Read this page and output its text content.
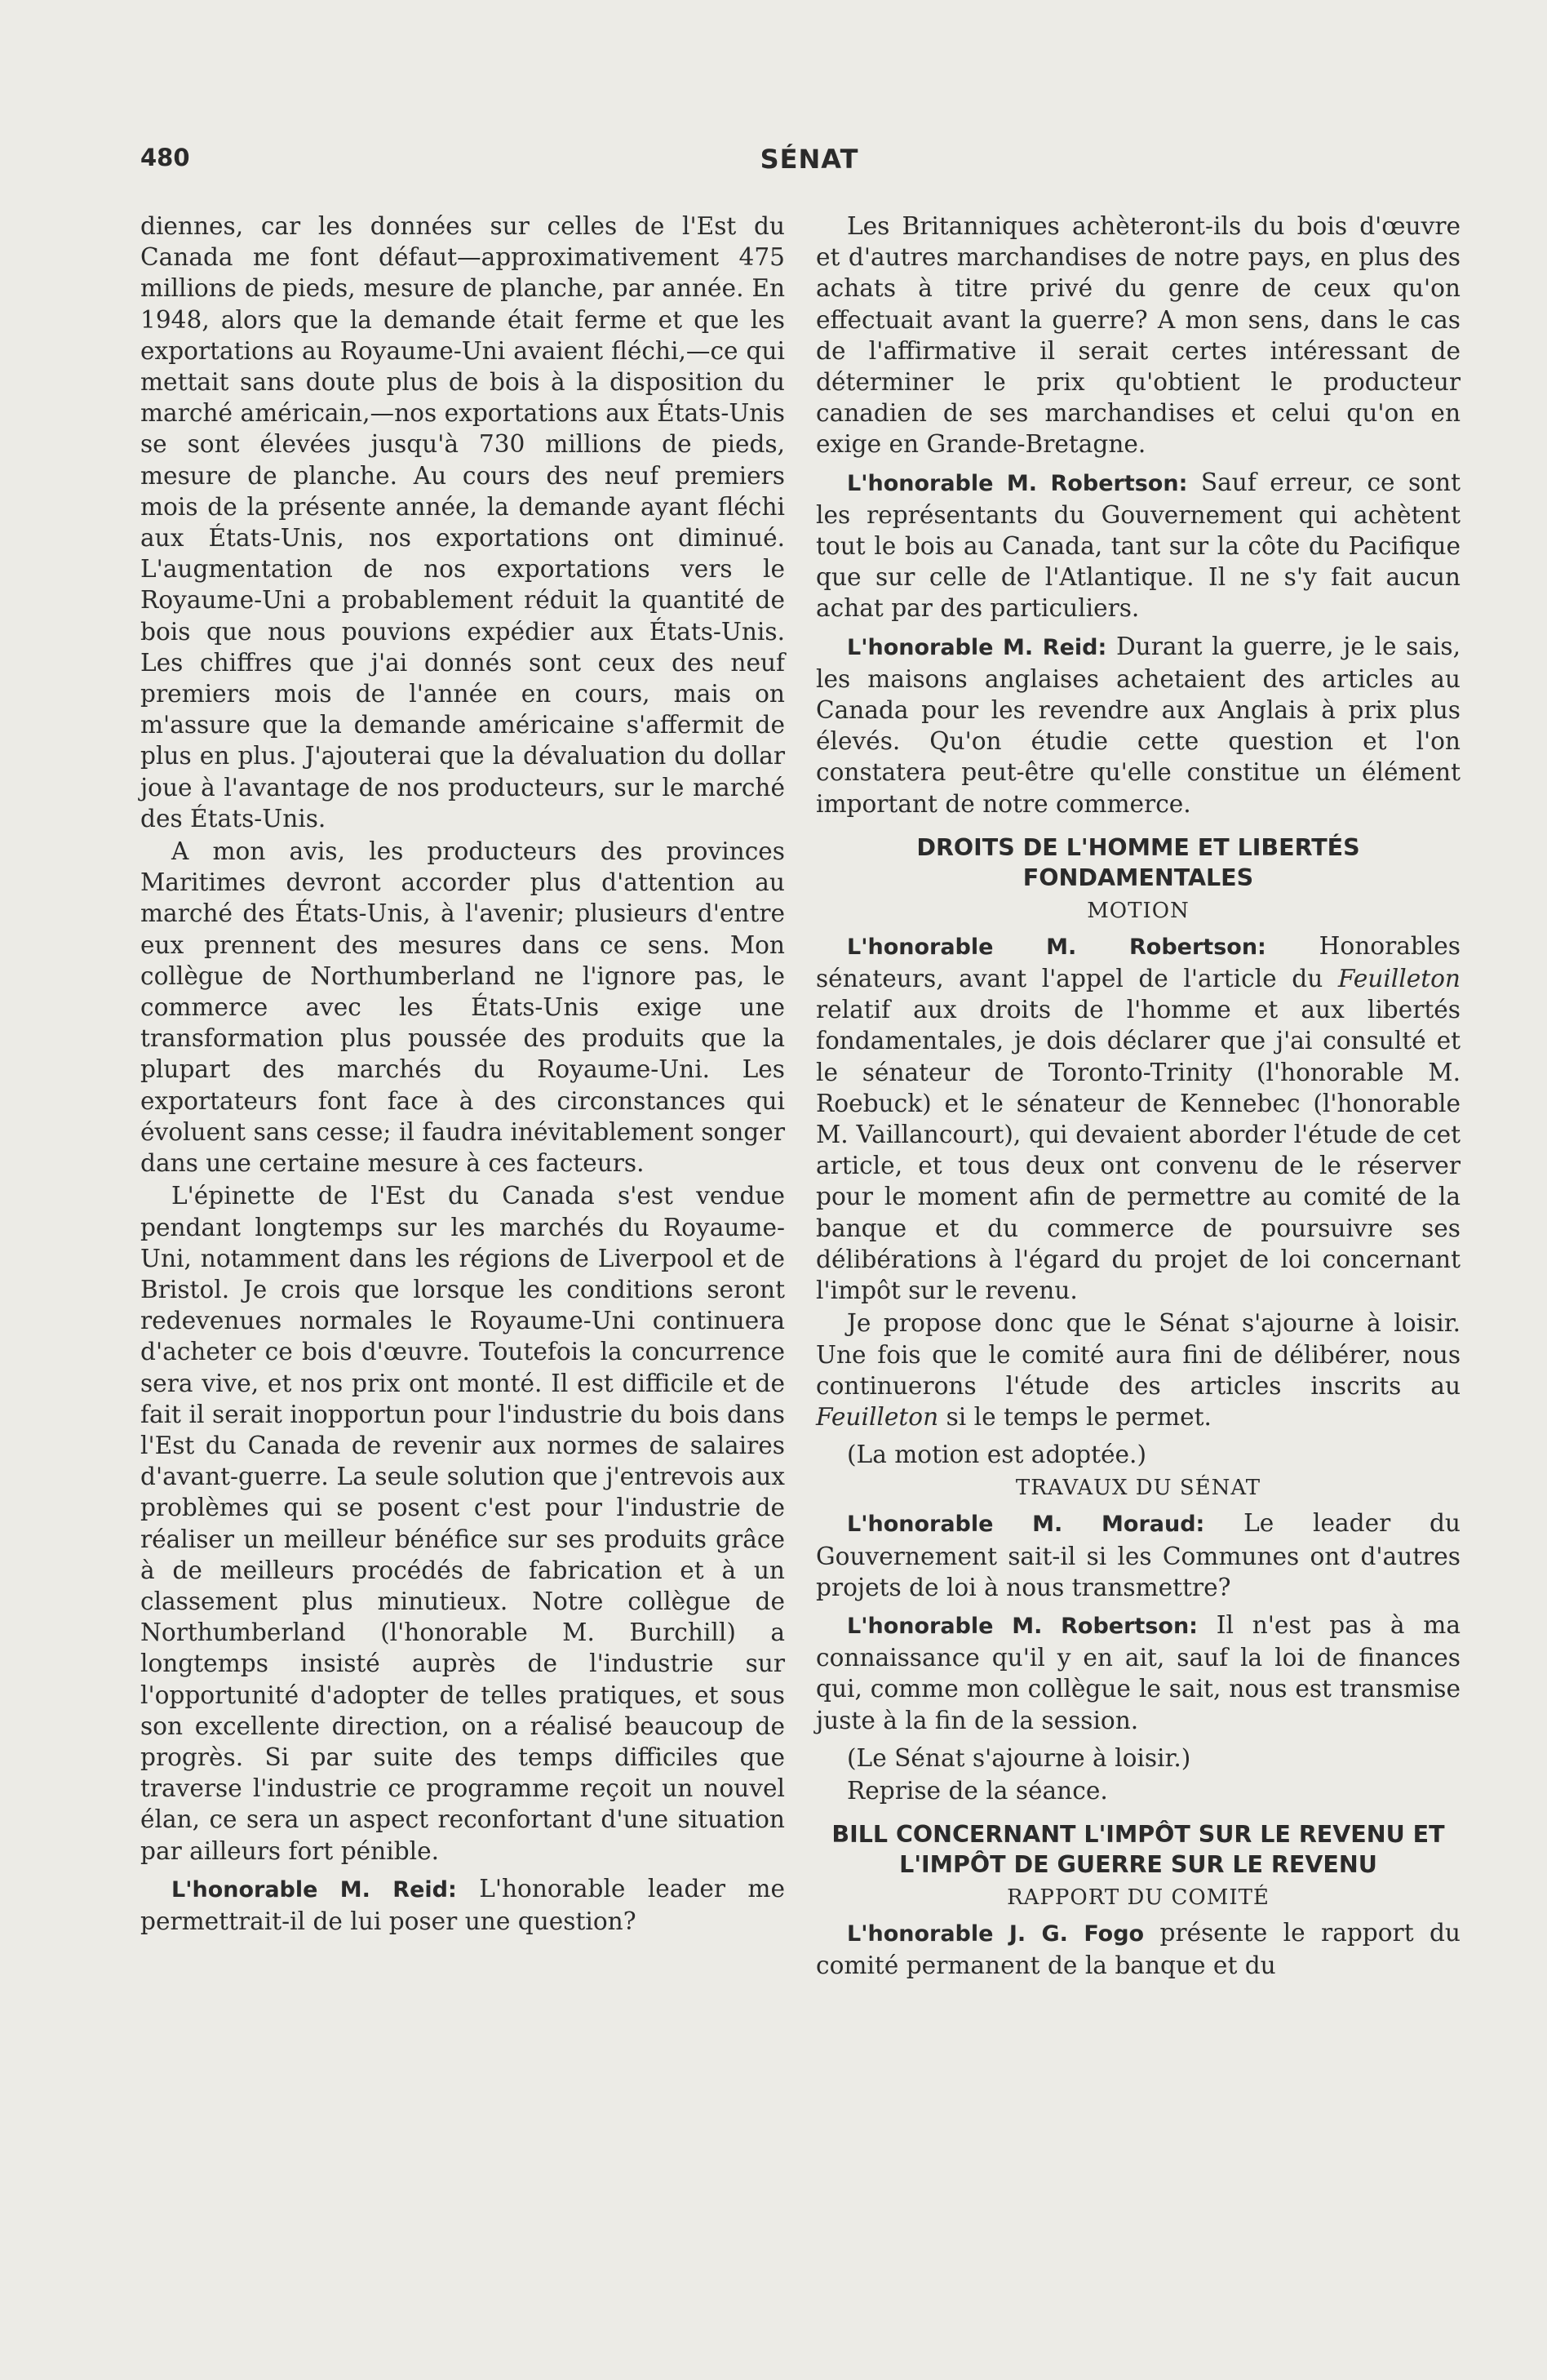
480	SÉNAT

diennes, car les données sur celles de l'Est du Canada me font défaut—approximativement 475 millions de pieds, mesure de planche, par année. En 1948, alors que la demande était ferme et que les exportations au Royaume-Uni avaient fléchi,—ce qui mettait sans doute plus de bois à la disposition du marché américain,—nos exportations aux États-Unis se sont élevées jusqu'à 730 millions de pieds, mesure de planche. Au cours des neuf premiers mois de la présente année, la demande ayant fléchi aux États-Unis, nos exportations ont diminué. L'augmentation de nos exportations vers le Royaume-Uni a probablement réduit la quantité de bois que nous pouvions expédier aux États-Unis. Les chiffres que j'ai donnés sont ceux des neuf premiers mois de l'année en cours, mais on m'assure que la demande américaine s'affermit de plus en plus. J'ajouterai que la dévaluation du dollar joue à l'avantage de nos producteurs, sur le marché des États-Unis.

A mon avis, les producteurs des provinces Maritimes devront accorder plus d'attention au marché des États-Unis, à l'avenir; plusieurs d'entre eux prennent des mesures dans ce sens. Mon collègue de Northumberland ne l'ignore pas, le commerce avec les États-Unis exige une transformation plus poussée des produits que la plupart des marchés du Royaume-Uni. Les exportateurs font face à des circonstances qui évoluent sans cesse; il faudra inévitablement songer dans une certaine mesure à ces facteurs.

L'épinette de l'Est du Canada s'est vendue pendant longtemps sur les marchés du Royaume-Uni, notamment dans les régions de Liverpool et de Bristol. Je crois que lorsque les conditions seront redevenues normales le Royaume-Uni continuera d'acheter ce bois d'œuvre. Toutefois la concurrence sera vive, et nos prix ont monté. Il est difficile et de fait il serait inopportun pour l'industrie du bois dans l'Est du Canada de revenir aux normes de salaires d'avant-guerre. La seule solution que j'entrevois aux problèmes qui se posent c'est pour l'industrie de réaliser un meilleur bénéfice sur ses produits grâce à de meilleurs procédés de fabrication et à un classement plus minutieux. Notre collègue de Northumberland (l'honorable M. Burchill) a longtemps insisté auprès de l'industrie sur l'opportunité d'adopter de telles pratiques, et sous son excellente direction, on a réalisé beaucoup de progrès. Si par suite des temps difficiles que traverse l'industrie ce programme reçoit un nouvel élan, ce sera un aspect reconfortant d'une situation par ailleurs fort pénible.

L'honorable M. Reid: L'honorable leader me permettrait-il de lui poser une question?

Les Britanniques achèteront-ils du bois d'œuvre et d'autres marchandises de notre pays, en plus des achats à titre privé du genre de ceux qu'on effectuait avant la guerre? A mon sens, dans le cas de l'affirmative il serait certes intéressant de déterminer le prix qu'obtient le producteur canadien de ses marchandises et celui qu'on en exige en Grande-Bretagne.

L'honorable M. Robertson: Sauf erreur, ce sont les représentants du Gouvernement qui achètent tout le bois au Canada, tant sur la côte du Pacifique que sur celle de l'Atlantique. Il ne s'y fait aucun achat par des particuliers.

L'honorable M. Reid: Durant la guerre, je le sais, les maisons anglaises achetaient des articles au Canada pour les revendre aux Anglais à prix plus élevés. Qu'on étudie cette question et l'on constatera peut-être qu'elle constitue un élément important de notre commerce.

DROITS DE L'HOMME ET LIBERTÉS FONDAMENTALES
MOTION

L'honorable M. Robertson: Honorables sénateurs, avant l'appel de l'article du Feuilleton relatif aux droits de l'homme et aux libertés fondamentales, je dois déclarer que j'ai consulté et le sénateur de Toronto-Trinity (l'honorable M. Roebuck) et le sénateur de Kennebec (l'honorable M. Vaillancourt), qui devaient aborder l'étude de cet article, et tous deux ont convenu de le réserver pour le moment afin de permettre au comité de la banque et du commerce de poursuivre ses délibérations à l'égard du projet de loi concernant l'impôt sur le revenu.

Je propose donc que le Sénat s'ajourne à loisir. Une fois que le comité aura fini de délibérer, nous continuerons l'étude des articles inscrits au Feuilleton si le temps le permet.

(La motion est adoptée.)

TRAVAUX DU SÉNAT

L'honorable M. Moraud: Le leader du Gouvernement sait-il si les Communes ont d'autres projets de loi à nous transmettre?

L'honorable M. Robertson: Il n'est pas à ma connaissance qu'il y en ait, sauf la loi de finances qui, comme mon collègue le sait, nous est transmise juste à la fin de la session.

(Le Sénat s'ajourne à loisir.)

Reprise de la séance.

BILL CONCERNANT L'IMPÔT SUR LE REVENU ET L'IMPÔT DE GUERRE SUR LE REVENU
RAPPORT DU COMITÉ

L'honorable J. G. Fogo présente le rapport du comité permanent de la banque et du
